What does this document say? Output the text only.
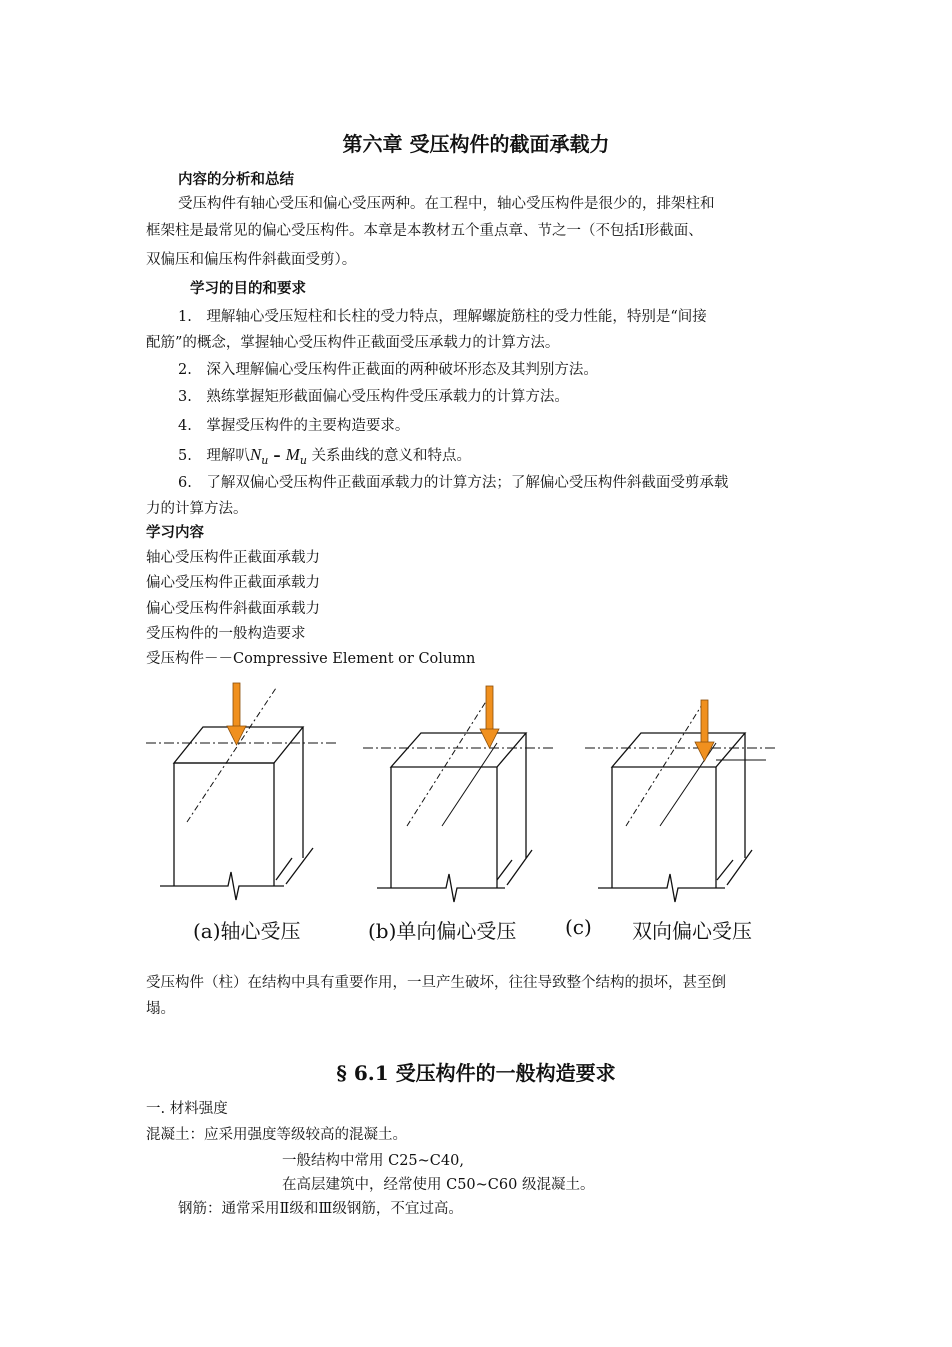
第六章 受压构件的截面承载力
内容的分析和总结
受压构件有轴心受压和偏心受压两种。在工程中，轴心受压构件是很少的，排架柱和
框架柱是最常见的偏心受压构件。本章是本教材五个重点章、节之一（不包括I形截面、
双偏压和偏压构件斜截面受剪）。
学习的目的和要求
1.　理解轴心受压短柱和长柱的受力特点，理解螺旋筋柱的受力性能，特别是“间接
配筋”的概念，掌握轴心受压构件正截面受压承载力的计算方法。
2.　深入理解偏心受压构件正截面的两种破坏形态及其判别方法。
3.　熟练掌握矩形截面偏心受压构件受压承载力的计算方法。
4.　掌握受压构件的主要构造要求。
5.　理解叭$N_u - M_u$ 关系曲线的意义和特点。
6.　了解双偏心受压构件正截面承载力的计算方法；了解偏心受压构件斜截面受剪承载
力的计算方法。
学习内容
轴心受压构件正截面承载力
偏心受压构件正截面承载力
偏心受压构件斜截面承载力
受压构件的一般构造要求
受压构件－－Compressive Element or Column
(a)轴心受压	(b)单向偏心受压 (c) 双向偏心受压
受压构件（柱）在结构中具有重要作用，一旦产生破坏，往往导致整个结构的损坏，甚至倒
塌。
§ 6.1 受压构件的一般构造要求
一. 材料强度
混凝土：应采用强度等级较高的混凝土。
一般结构中常用 C25~C40,
在高层建筑中，经常使用 C50~C60 级混凝土。
钢筋：通常采用Ⅱ级和Ⅲ级钢筋，不宜过高。
